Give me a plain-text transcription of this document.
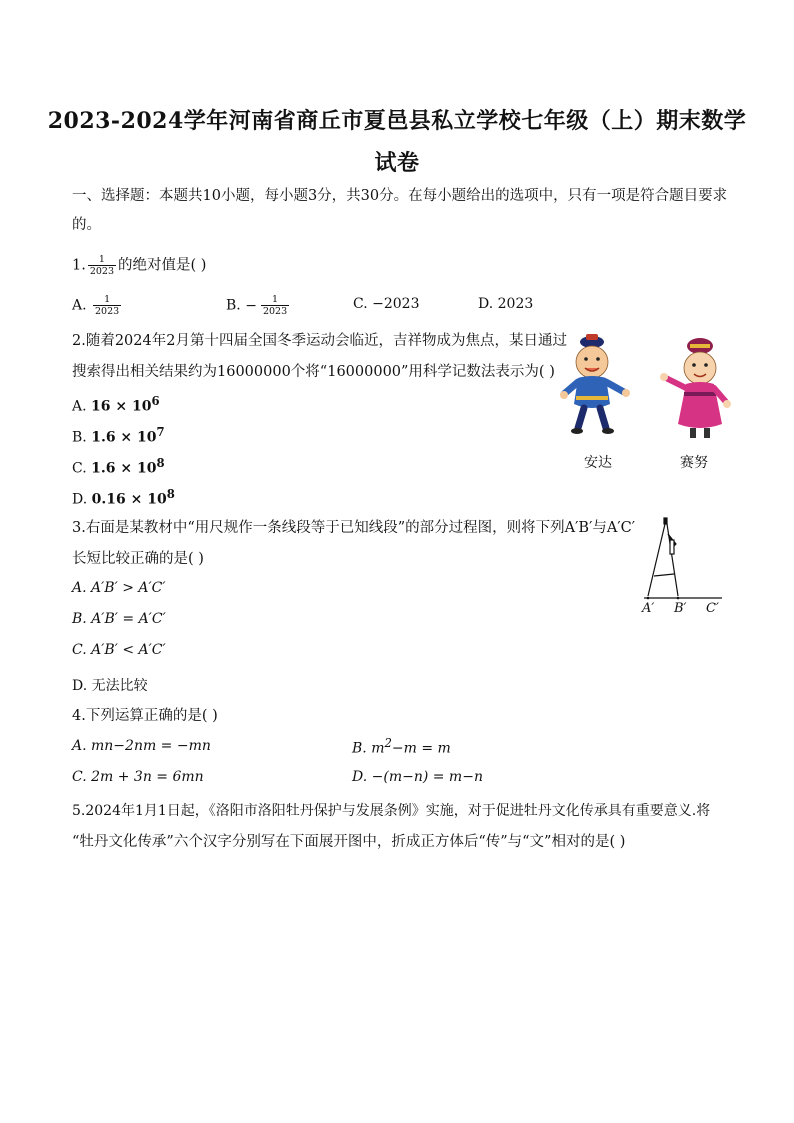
2023-2024学年河南省商丘市夏邑县私立学校七年级（上）期末数学
试卷
一、选择题：本题共10小题，每小题3分，共30分。在每小题给出的选项中，只有一项是符合题目要求
的。
1. $\frac{1}{2023}$ 的绝对值是( )
A. $\frac{1}{2023}$	B. − $\frac{1}{2023}$	C. −2023	D. 2023
2.随着2024年2月第十四届全国冬季运动会临近，吉祥物成为焦点，某日通过
搜索得出相关结果约为16000000个将“16000000”用科学记数法表示为( )
A. $16 \times 10^6$
B. $1.6 \times 10^7$
C. $1.6 \times 10^8$
D. $0.16 \times 10^8$
安达	赛努
3.右面是某教材中“用尺规作一条线段等于已知线段”的部分过程图，则将下列A′B′与A′C′
长短比较正确的是( )
A. A′B′ > A′C′
B. A′B′ = A′C′
C. A′B′ < A′C′
D. 无法比较
A′ B′ C′
4.下列运算正确的是( )
A. mn−2nm = −mn	B. $m^2-m = m$
C. 2m + 3n = 6mn	D. −(m−n) = m−n
5.2024年1月1日起，《洛阳市洛阳牡丹保护与发展条例》实施，对于促进牡丹文化传承具有重要意义.将
“牡丹文化传承”六个汉字分别写在下面展开图中，折成正方体后“传”与“文”相对的是( )
